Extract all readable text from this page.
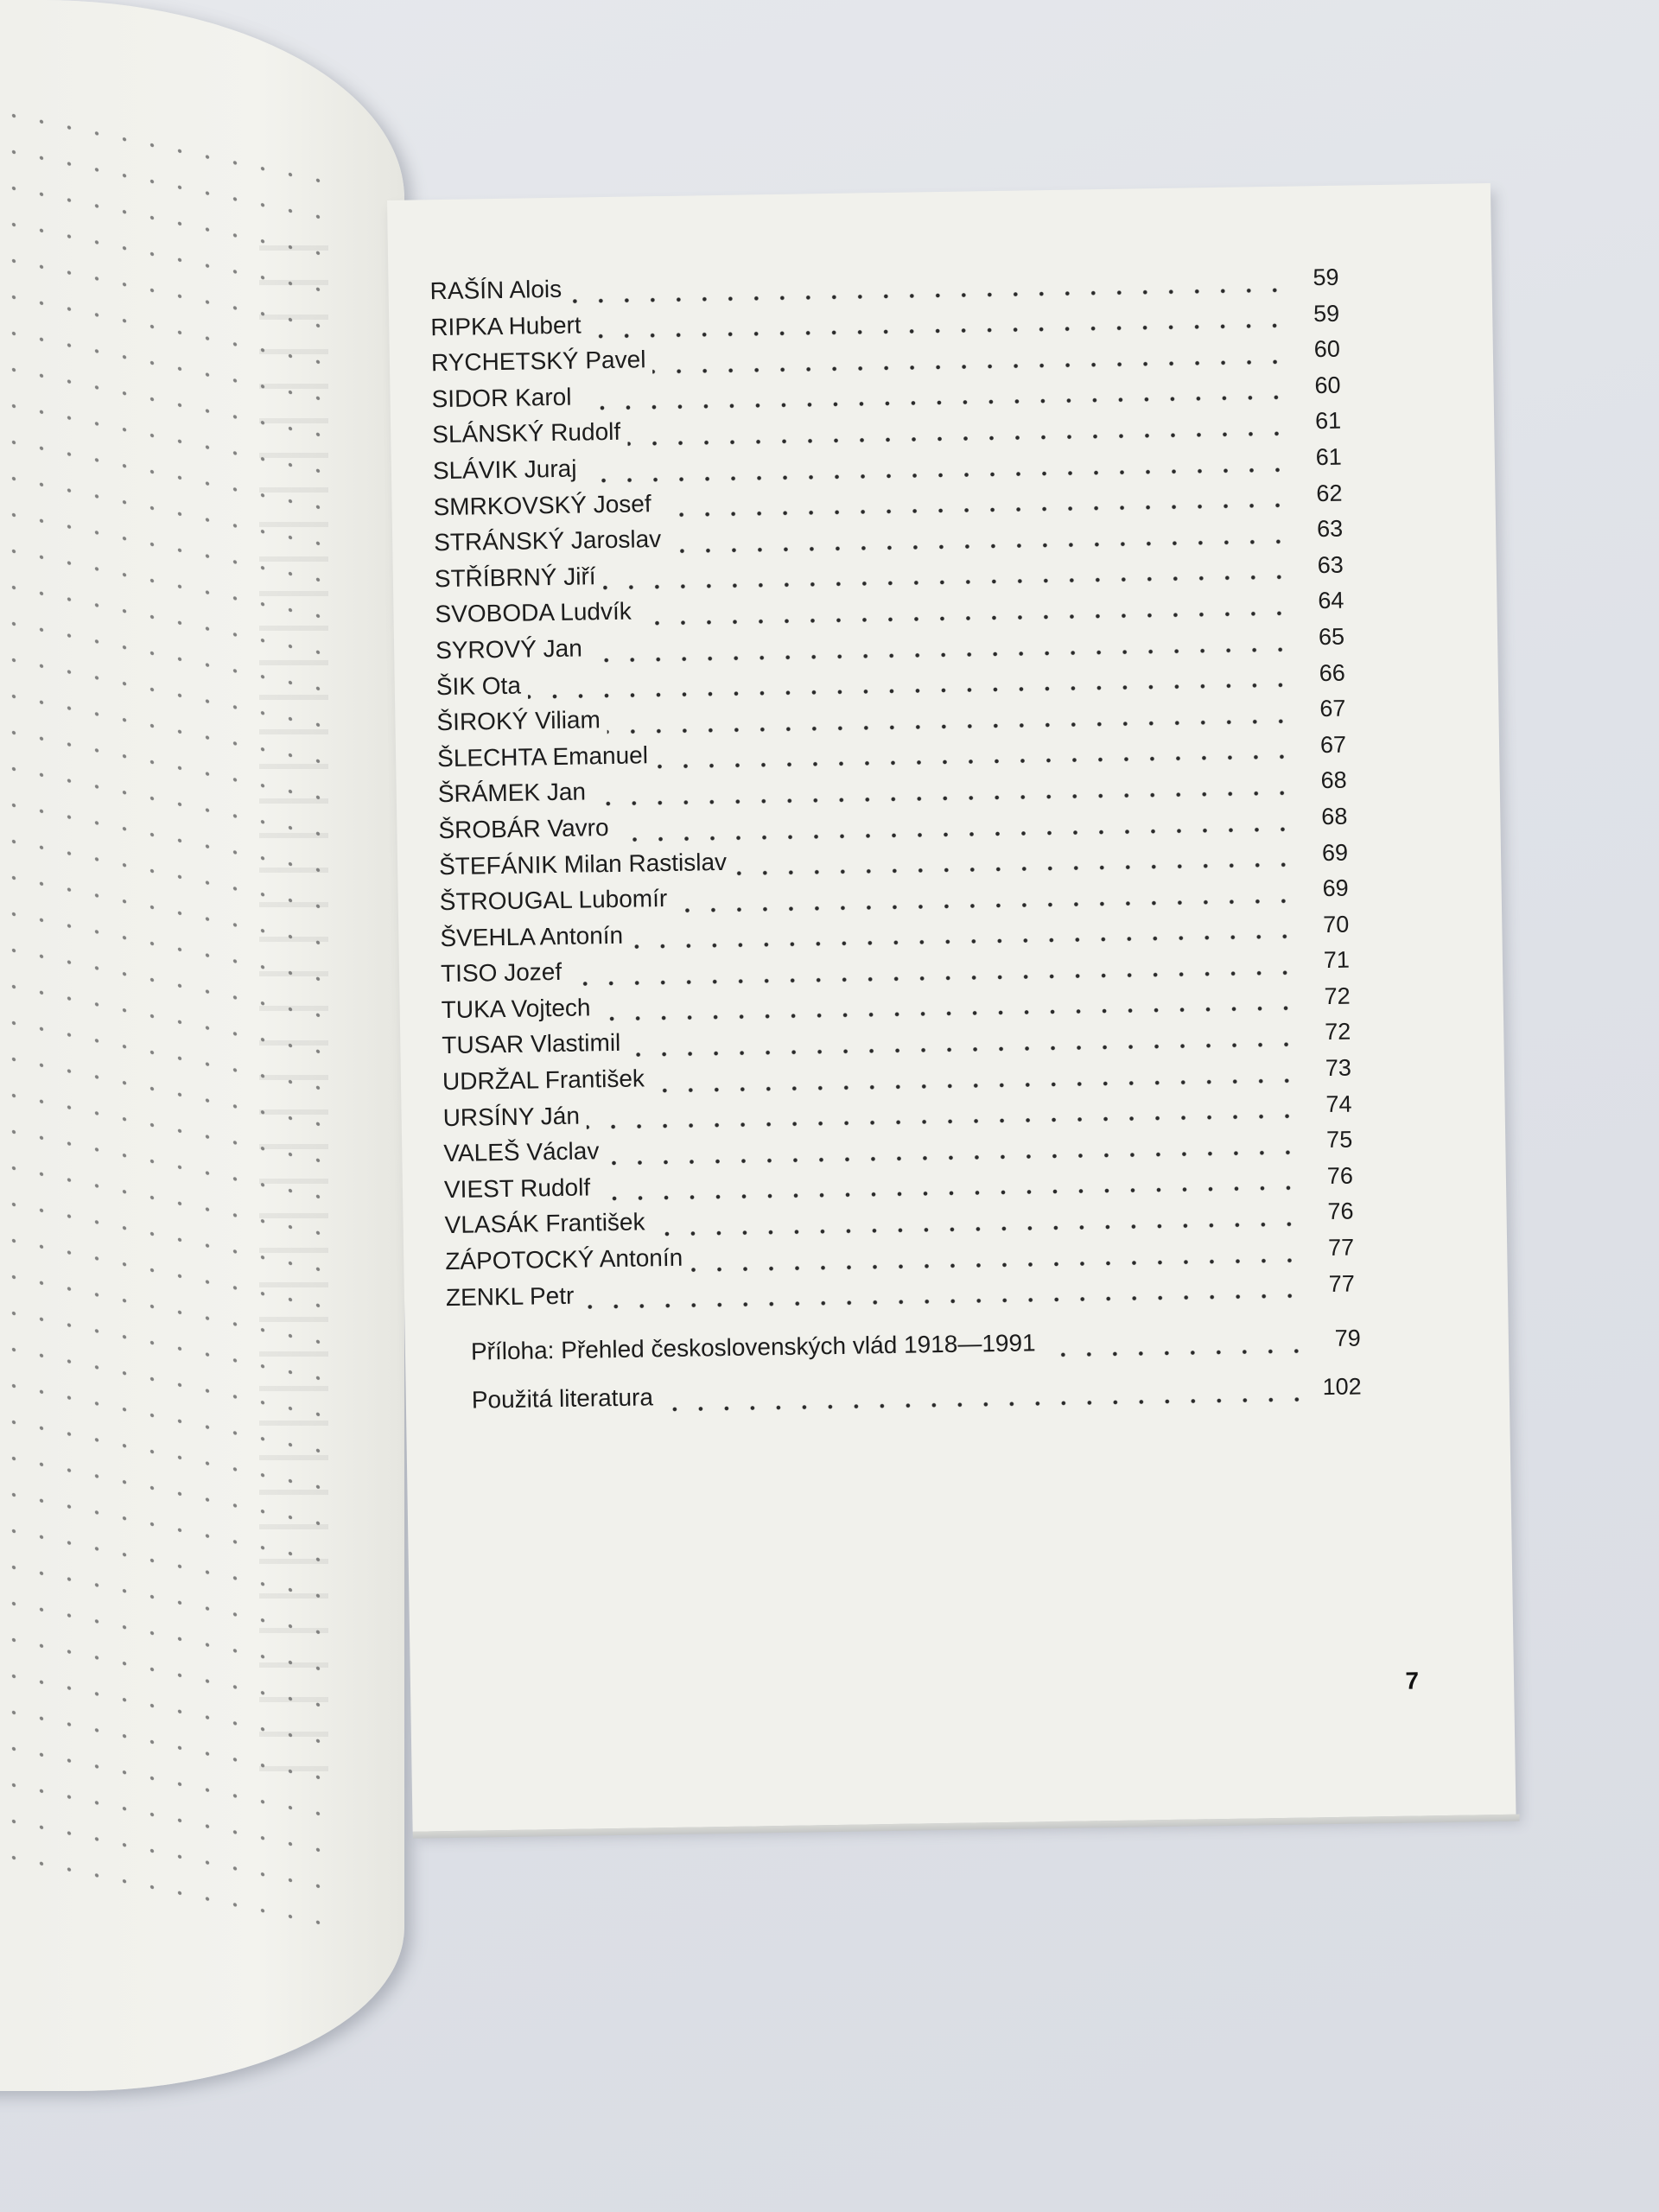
RAŠÍN Alois	59
RIPKA Hubert	59
RYCHETSKÝ Pavel	60
SIDOR Karol	60
SLÁNSKÝ Rudolf	61
SLÁVIK Juraj	61
SMRKOVSKÝ Josef	62
STRÁNSKÝ Jaroslav	63
STŘÍBRNÝ Jiří	63
SVOBODA Ludvík	64
SYROVÝ Jan	65
ŠIK Ota	66
ŠIROKÝ Viliam	67
ŠLECHTA Emanuel	67
ŠRÁMEK Jan	68
ŠROBÁR Vavro	68
ŠTEFÁNIK Milan Rastislav	69
ŠTROUGAL Lubomír	69
ŠVEHLA Antonín	70
TISO Jozef	71
TUKA Vojtech	72
TUSAR Vlastimil	72
UDRŽAL František	73
URSÍNY Ján	74
VALEŠ Václav	75
VIEST Rudolf	76
VLASÁK František	76
ZÁPOTOCKÝ Antonín	77
ZENKL Petr	77
Příloha: Přehled československých vlád 1918—1991	79
Použitá literatura	102
7
